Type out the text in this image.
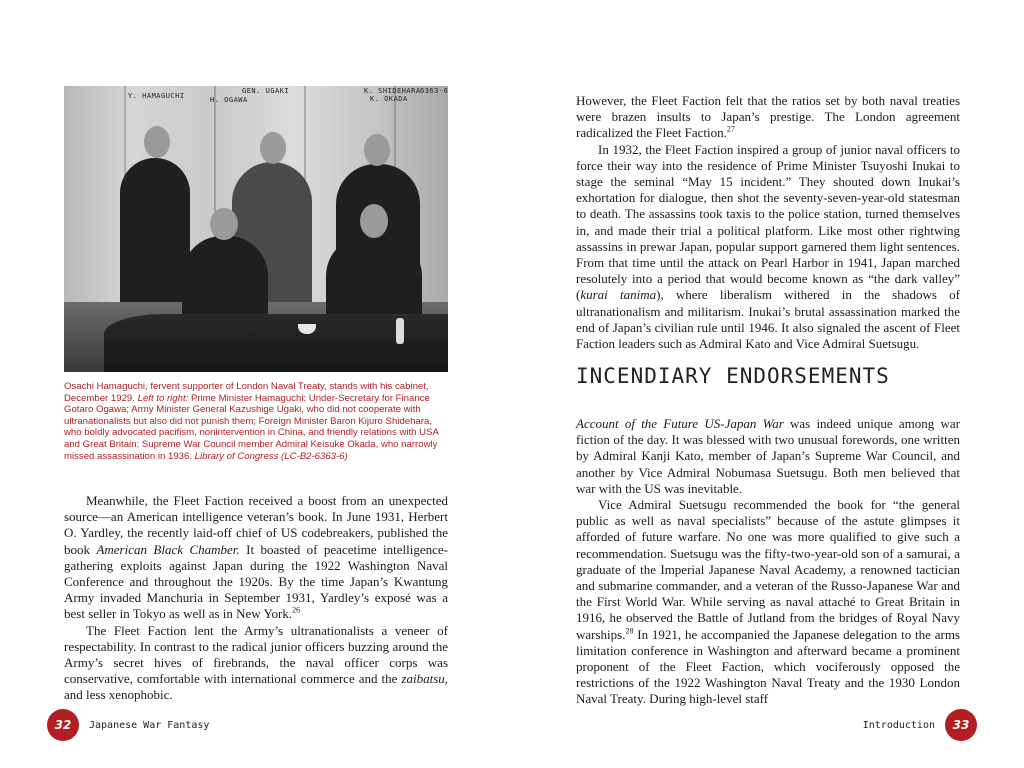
Y. HAMAGUCHI	H. OGAWA
GEN. UGAKI	K. SHIDEHARA
K. OKADA
6363-6

Osachi Hamaguchi, fervent supporter of London Naval Treaty, stands with his cabinet, December 1929. Left to right: Prime Minister Hamaguchi; Under-Secretary for Finance Gotaro Ogawa; Army Minister General Kazushige Ugaki, who did not cooperate with ultranationalists but also did not punish them; Foreign Minister Baron Kijuro Shidehara, who boldly advocated pacifism, nonintervention in China, and friendly relations with USA and Great Britain; Supreme War Council member Admiral Keisuke Okada, who narrowly missed assassination in 1936. Library of Congress (LC-B2-6363-6)

Meanwhile, the Fleet Faction received a boost from an unexpected source—an American intelligence veteran’s book. In June 1931, Herbert O. Yardley, the recently laid-off chief of US codebreakers, published the book American Black Chamber. It boasted of peacetime intelligence-gathering exploits against Japan during the 1922 Washington Naval Conference and throughout the 1920s. By the time Japan’s Kwantung Army invaded Manchuria in September 1931, Yardley’s exposé was a best seller in Tokyo as well as in New York.$^{26}$

The Fleet Faction lent the Army’s ultranationalists a veneer of respectability. In contrast to the radical junior officers buzzing around the Army’s secret hives of firebrands, the naval officer corps was conservative, comfortable with international commerce and the zaibatsu, and less xenophobic.

32	Japanese War Fantasy

However, the Fleet Faction felt that the ratios set by both naval treaties were brazen insults to Japan’s prestige. The London agreement radicalized the Fleet Faction.$^{27}$

In 1932, the Fleet Faction inspired a group of junior naval officers to force their way into the residence of Prime Minister Tsuyoshi Inukai to stage the seminal “May 15 incident.” They shouted down Inukai’s exhortation for dialogue, then shot the seventy-seven-year-old statesman to death. The assassins took taxis to the police station, turned themselves in, and made their trial a political platform. Like most other rightwing assassins in prewar Japan, popular support garnered them light sentences. From that time until the attack on Pearl Harbor in 1941, Japan marched resolutely into a period that would become known as “the dark valley” (kurai tanima), where liberalism withered in the shadows of ultranationalism and militarism. Inukai’s brutal assassination marked the end of Japan’s civilian rule until 1946. It also signaled the ascent of Fleet Faction leaders such as Admiral Kato and Vice Admiral Suetsugu.

INCENDIARY ENDORSEMENTS

Account of the Future US-Japan War was indeed unique among war fiction of the day. It was blessed with two unusual forewords, one written by Admiral Kanji Kato, member of Japan’s Supreme War Council, and another by Vice Admiral Nobumasa Suetsugu. Both men believed that war with the US was inevitable.

Vice Admiral Suetsugu recommended the book for “the general public as well as naval specialists” because of the astute glimpses it afforded of future warfare. No one was more qualified to give such a recommendation. Suetsugu was the fifty-two-year-old son of a samurai, a graduate of the Imperial Japanese Naval Academy, a renowned tactician and submarine commander, and a veteran of the Russo-Japanese War and the First World War. While serving as naval attaché to Great Britain in 1916, he observed the Battle of Jutland from the bridges of Royal Navy warships.$^{28}$ In 1921, he accompanied the Japanese delegation to the arms limitation conference in Washington and afterward became a prominent proponent of the Fleet Faction, which vociferously opposed the restrictions of the 1922 Washington Naval Treaty and the 1930 London Naval Treaty. During high-level staff

Introduction	33
